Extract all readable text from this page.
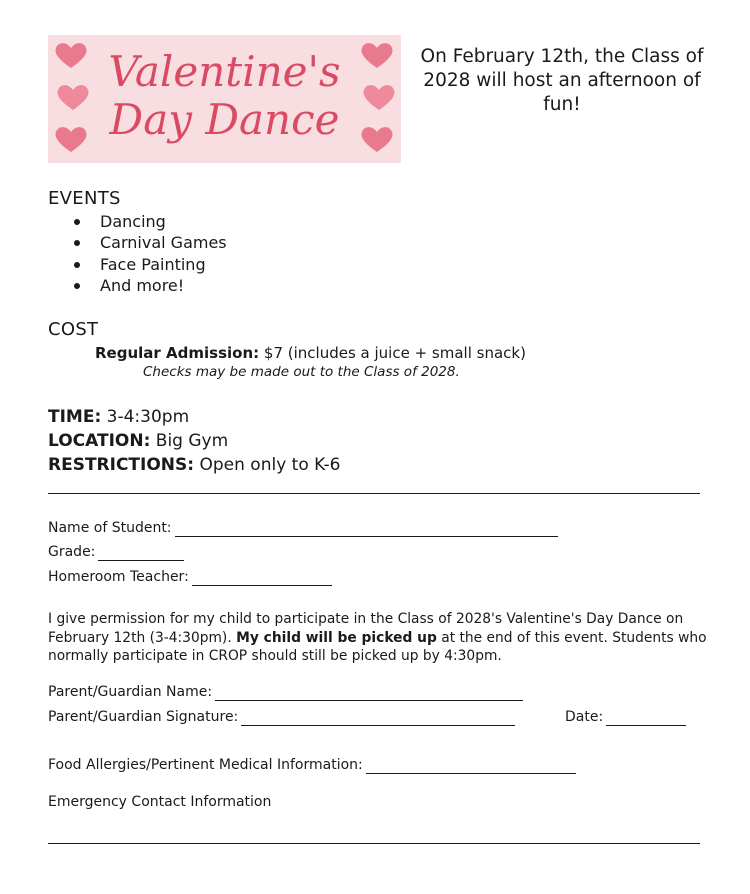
Valentine's
Day Dance
On February 12th, the Class of 2028 will host an afternoon of fun!
EVENTS
Dancing
Carnival Games
Face Painting
And more!
COST
Regular Admission: $7 (includes a juice + small snack)
Checks may be made out to the Class of 2028.
TIME: 3-4:30pm
LOCATION: Big Gym
RESTRICTIONS: Open only to K-6
Name of Student:
Grade:
Homeroom Teacher:
I give permission for my child to participate in the Class of 2028's Valentine's Day Dance on February 12th (3-4:30pm). My child will be picked up at the end of this event. Students who normally participate in CROP should still be picked up by 4:30pm.
Parent/Guardian Name:
Parent/Guardian Signature:	Date:
Food Allergies/Pertinent Medical Information:
Emergency Contact Information
